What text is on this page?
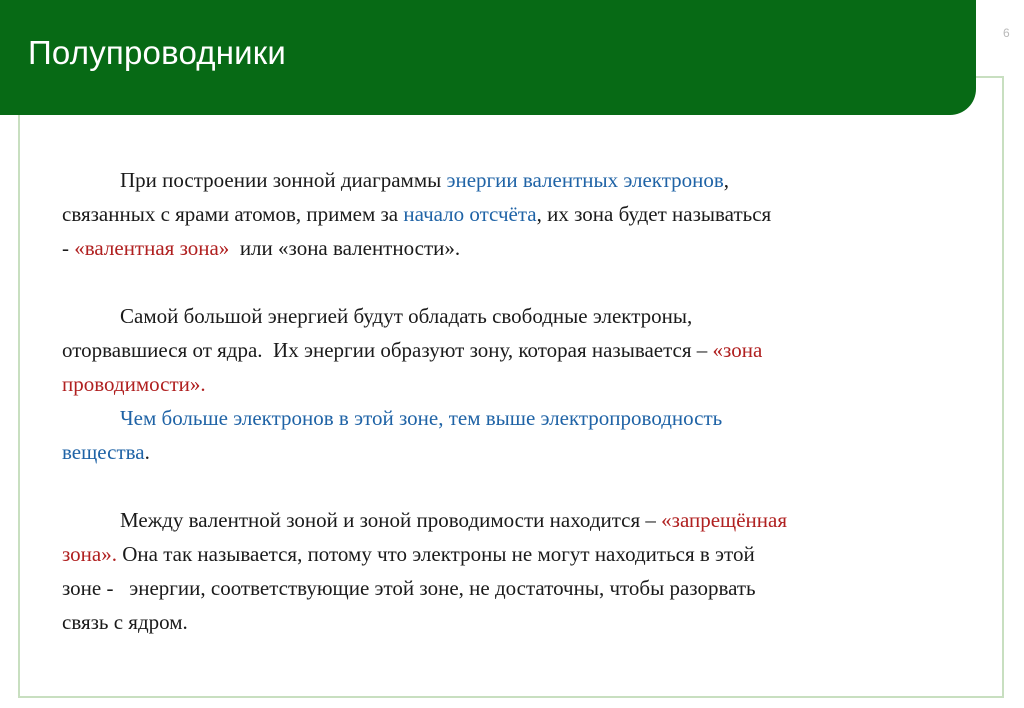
Полупроводники
6
При построении зонной диаграммы энергии валентных электронов,
связанных с ярами атомов, примем за начало отсчёта, их зона будет называться
- «валентная зона»  или «зона валентности».
Самой большой энергией будут обладать свободные электроны,
оторвавшиеся от ядра.  Их энергии образуют зону, которая называется – «зона
проводимости».
Чем больше электронов в этой зоне, тем выше электропроводность
вещества.
Между валентной зоной и зоной проводимости находится – «запрещённая
зона». Она так называется, потому что электроны не могут находиться в этой
зоне -   энергии, соответствующие этой зоне, не достаточны, чтобы разорвать
связь с ядром.
